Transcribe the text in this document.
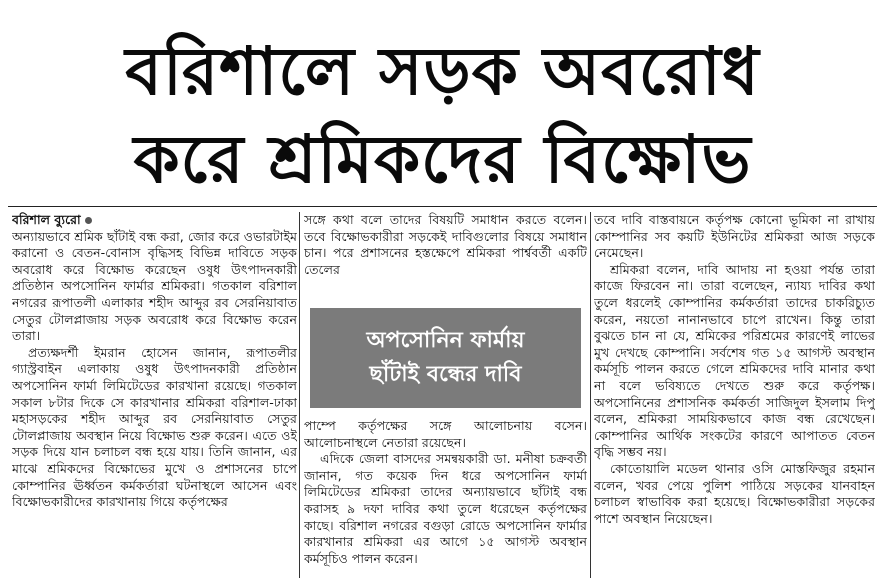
বরিশালে সড়ক অবরোধ
করে শ্রমিকদের বিক্ষোভ

বরিশাল ব্যুরো

অন্যায়ভাবে শ্রমিক ছাঁটাই বন্ধ করা, জোর করে ওভারটাইম করানো ও বেতন-বোনাস বৃদ্ধিসহ বিভিন্ন দাবিতে সড়ক অবরোধ করে বিক্ষোভ করেছেন ওষুধ উৎপাদনকারী প্রতিষ্ঠান অপসোনিন ফার্মার শ্রমিকরা। গতকাল বরিশাল নগরের রূপাতলী এলাকার শহীদ আব্দুর রব সেরনিয়াবাত সেতুর টোলপ্লাজায় সড়ক অবরোধ করে বিক্ষোভ করেন তারা।

প্রত্যক্ষদর্শী ইমরান হোসেন জানান, রূপাতলীর গ্যাস্ট্রবাইন এলাকায় ওষুধ উৎপাদনকারী প্রতিষ্ঠান অপসোনিন ফার্মা লিমিটেডের কারখানা রয়েছে। গতকাল সকাল ৮টার দিকে সে কারখানার শ্রমিকরা বরিশাল-ঢাকা মহাসড়কের শহীদ আব্দুর রব সেরনিয়াবাত সেতুর টোলপ্লাজায় অবস্থান নিয়ে বিক্ষোভ শুরু করেন। এতে ওই সড়ক দিয়ে যান চলাচল বন্ধ হয়ে যায়। তিনি জানান, এর মাঝে শ্রমিকদের বিক্ষোভের মুখে ও প্রশাসনের চাপে কোম্পানির ঊর্ধ্বতন কর্মকর্তারা ঘটনাস্থলে আসেন এবং বিক্ষোভকারীদের কারখানায় গিয়ে কর্তৃপক্ষের

সঙ্গে কথা বলে তাদের বিষয়টি সমাধান করতে বলেন। তবে বিক্ষোভকারীরা সড়কেই দাবিগুলোর বিষয়ে সমাধান চান। পরে প্রশাসনের হস্তক্ষেপে শ্রমিকরা পার্শ্ববর্তী একটি তেলের

অপসোনিন ফার্মায়
ছাঁটাই বন্ধের দাবি

পাম্পে কর্তৃপক্ষের সঙ্গে আলোচনায় বসেন। আলোচনাস্থলে নেতারা রয়েছেন।

এদিকে জেলা বাসদের সমন্বয়কারী ডা. মনীষা চক্রবর্তী জানান, গত কয়েক দিন ধরে অপসোনিন ফার্মা লিমিটেডের শ্রমিকরা তাদের অন্যায়ভাবে ছাঁটাই বন্ধ করাসহ ৯ দফা দাবির কথা তুলে ধরেছেন কর্তৃপক্ষের কাছে। বরিশাল নগরের বগুড়া রোডে অপসোনিন ফার্মার কারখানার শ্রমিকরা এর আগে ১৫ আগস্ট অবস্থান কর্মসূচিও পালন করেন।

তবে দাবি বাস্তবায়নে কর্তৃপক্ষ কোনো ভূমিকা না রাখায় কোম্পানির সব কয়টি ইউনিটের শ্রমিকরা আজ সড়কে নেমেছেন।

শ্রমিকরা বলেন, দাবি আদায় না হওয়া পর্যন্ত তারা কাজে ফিরবেন না। তারা বলেছেন, ন্যায্য দাবির কথা তুলে ধরলেই কোম্পানির কর্মকর্তারা তাদের চাকরিচ্যুত করেন, নয়তো নানানভাবে চাপে রাখেন। কিন্তু তারা বুঝতে চান না যে, শ্রমিকের পরিশ্রমের কারণেই লাভের মুখ দেখছে কোম্পানি। সর্বশেষ গত ১৫ আগস্ট অবস্থান কর্মসূচি পালন করতে গেলে শ্রমিকদের দাবি মানার কথা না বলে ভবিষ্যতে দেখতে শুরু করে কর্তৃপক্ষ। অপসোনিনের প্রশাসনিক কর্মকর্তা সাজিদুল ইসলাম দিপু বলেন, শ্রমিকরা সাময়িকভাবে কাজ বন্ধ রেখেছেন। কোম্পানির আর্থিক সংকটের কারণে আপাতত বেতন বৃদ্ধি সম্ভব নয়।

কোতোয়ালি মডেল থানার ওসি মোস্তফিজুর রহমান বলেন, খবর পেয়ে পুলিশ পাঠিয়ে সড়কের যানবাহন চলাচল স্বাভাবিক করা হয়েছে। বিক্ষোভকারীরা সড়কের পাশে অবস্থান নিয়েছেন।
